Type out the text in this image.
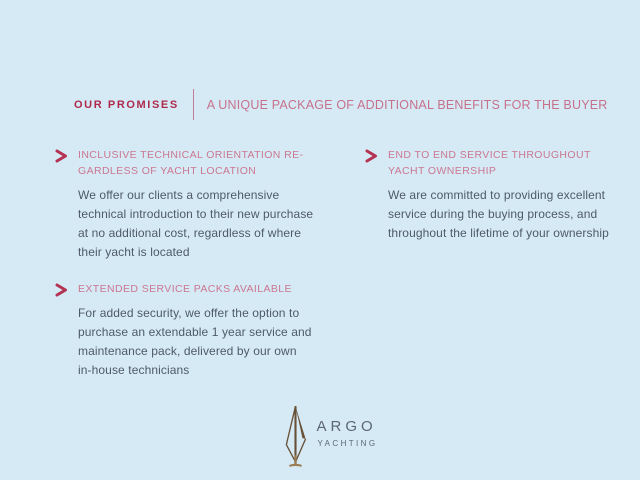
OUR PROMISES A UNIQUE PACKAGE OF ADDITIONAL BENEFITS FOR THE BUYER
INCLUSIVE TECHNICAL ORIENTATION RE-
GARDLESS OF YACHT LOCATION
We offer our clients a comprehensive
technical introduction to their new purchase
at no additional cost, regardless of where
their yacht is located
END TO END SERVICE THROUGHOUT
YACHT OWNERSHIP
We are committed to providing excellent
service during the buying process, and
throughout the lifetime of your ownership
EXTENDED SERVICE PACKS AVAILABLE
For added security, we offer the option to
purchase an extendable 1 year service and
maintenance pack, delivered by our own
in-house technicians
ARGO
YACHTING
